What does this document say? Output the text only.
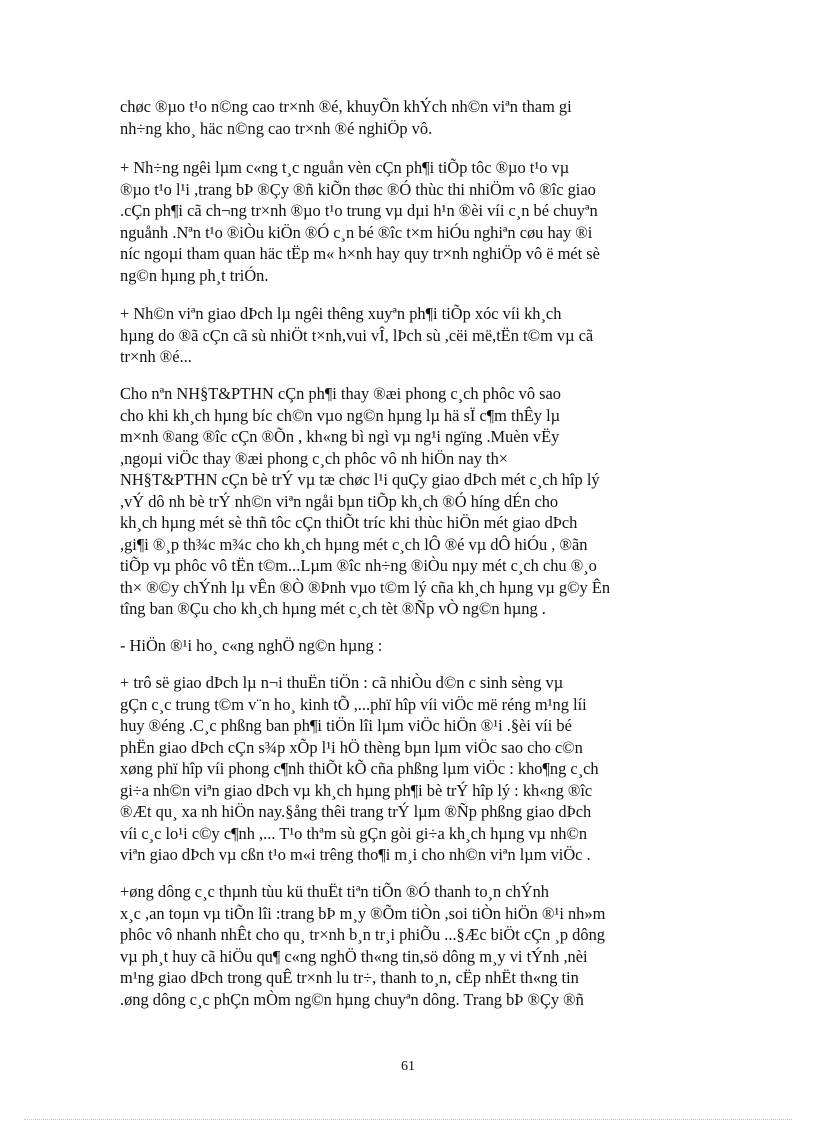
chøc ®µo t¹o n©ng cao tr×nh ®é, khuyÕn khÝch nh©n viªn tham gi
nh÷ng kho¸ häc n©ng cao tr×nh ®é nghiÖp vô.

+ Nh÷ng ngêi lµm c«ng t¸c nguån vèn cÇn ph¶i tiÕp tôc ®µo t¹o vµ
®µo t¹o l¹i ,trang bÞ ®Çy ®ñ kiÕn thøc ®Ó thùc thi nhiÖm vô ®îc giao
.cÇn ph¶i cã ch¬ng tr×nh ®µo t¹o trung vµ dµi h¹n ®èi víi c¸n bé chuyªn
nguånh .Nªn t¹o ®iÒu kiÖn ®Ó c¸n bé ®îc t×m hiÓu nghiªn cøu hay ®i
níc ngoµi tham quan häc tËp m« h×nh hay quy tr×nh nghiÖp vô ë mét sè
ng©n hµng ph¸t triÓn.

+ Nh©n viªn giao dÞch lµ ngêi thêng xuyªn ph¶i tiÕp xóc víi kh¸ch
hµng do ®ã cÇn cã sù nhiÖt t×nh,vui vÎ, lÞch sù ,cëi më,tËn t©m vµ cã
tr×nh ®é...

Cho nªn NH§T&PTHN cÇn ph¶i thay ®æi phong c¸ch phôc vô sao
cho khi kh¸ch hµng bíc ch©n vµo ng©n hµng lµ hä sÏ c¶m thÊy lµ
m×nh ®ang ®îc cÇn ®Õn , kh«ng bì ngì vµ ng¹i ngïng .Muèn vËy
,ngoµi viÖc thay ®æi phong c¸ch phôc vô nh hiÖn nay th×
NH§T&PTHN cÇn bè trÝ vµ tæ chøc l¹i quÇy giao dÞch mét c¸ch hîp lý
,vÝ dô nh bè trÝ nh©n viªn ngåi bµn tiÕp kh¸ch ®Ó híng dÉn cho
kh¸ch hµng mét sè thñ tôc cÇn thiÕt tríc khi thùc hiÖn mét giao dÞch
,gi¶i ®¸p th¾c m¾c cho kh¸ch hµng mét c¸ch lÔ ®é vµ dÔ hiÓu , ®ãn
tiÕp vµ phôc vô tËn t©m...Lµm ®îc nh÷ng ®iÒu nµy mét c¸ch chu ®¸o
th× ®©y chÝnh lµ vÊn ®Ò ®Þnh vµo t©m lý cña kh¸ch hµng vµ g©y Ên
tîng ban ®Çu cho kh¸ch hµng mét c¸ch tèt ®Ñp vÒ ng©n hµng .

- HiÖn ®¹i ho¸ c«ng nghÖ ng©n hµng :

+ trô së giao dÞch lµ n¬i thuËn tiÖn : cã nhiÒu d©n c sinh sèng vµ
gÇn c¸c trung t©m v¨n ho¸ kinh tÕ ,...phï hîp víi viÖc më réng m¹ng líi
huy ®éng .C¸c phßng ban ph¶i tiÖn lîi lµm viÖc hiÖn ®¹i .§èi víi bé
phËn giao dÞch cÇn s¾p xÕp l¹i hÖ thèng bµn lµm viÖc sao cho c©n
xøng phï hîp víi phong c¶nh thiÕt kÕ cña phßng lµm viÖc : kho¶ng c¸ch
gi÷a nh©n viªn giao dÞch vµ kh¸ch hµng ph¶i bè trÝ hîp lý : kh«ng ®îc
®Æt qu¸ xa nh hiÖn nay.§ång thêi trang trÝ lµm ®Ñp phßng giao dÞch
víi c¸c lo¹i c©y c¶nh ,... T¹o thªm sù gÇn gòi gi÷a kh¸ch hµng vµ nh©n
viªn giao dÞch vµ cßn t¹o m«i trêng tho¶i m¸i cho nh©n viªn lµm viÖc .

+øng dông c¸c thµnh tùu kü thuËt tiªn tiÕn ®Ó thanh to¸n chÝnh
x¸c ,an toµn vµ tiÕn lîi :trang bÞ m¸y ®Õm tiÒn ,soi tiÒn hiÖn ®¹i nh»m
phôc vô nhanh nhÊt cho qu¸ tr×nh b¸n tr¸i phiÕu ...§Æc biÖt cÇn ¸p dông
vµ ph¸t huy cã hiÖu qu¶ c«ng nghÖ th«ng tin,sö dông m¸y vi tÝnh ,nèi
m¹ng giao dÞch trong quÊ tr×nh lu tr÷, thanh to¸n, cËp nhËt th«ng tin
.øng dông c¸c phÇn mÒm ng©n hµng chuyªn dông. Trang bÞ ®Çy ®ñ

61
